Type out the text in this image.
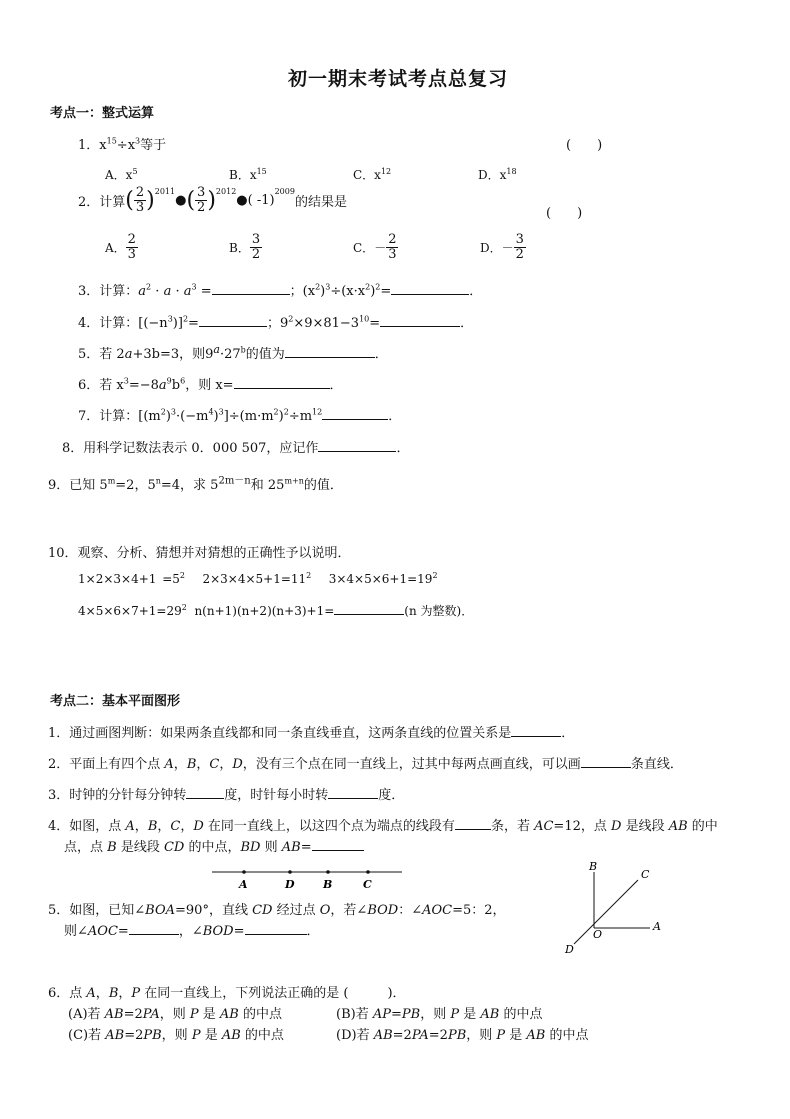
初一期末考试考点总复习
考点一：整式运算
1．$x^{15}\div x^3$等于	(　　)
A．$x^5$	B．$x^{15}$	C．$x^{12}$	D．$x^{18}$
2．计算 ( $\frac{2}{3}$ ) 2011
● ( $\frac{3}{2}$ ) 2012
● ( -1)
2009
的结果是
(　　)
A． $\frac{2}{3}$	B． $\frac{3}{2}$	C． － $\frac{2}{3}$	D． － $\frac{3}{2}$
3．计算：$a^2 \cdot a \cdot a^3$ =	；$(x^2)^3\div(x\cdot x^2)^2=$	．
4．计算：$[(-n^3)]^2=$	；$9^2\times 9\times 81-3^{10}=$	．
5．若 2a+3b=3，则$9^a\cdot 27^b$的值为	．
6．若 $x^3=-8a^9b^6$，则 x=	．
7．计算：$[(m^2)^3\cdot(-m^4)^3]\div(m\cdot m^2)^2\div m^{12}$	．
8．用科学记数法表示 0．000 507，应记作	．
9．已知 $5^m=2$，$5^n=4$，求 $5^{2m-n}$和 $25^{m+n}$的值．
10．观察、分析、猜想并对猜想的正确性予以说明．
$1\times 2\times 3\times 4+1 =5^2$ $2\times 3\times 4\times 5+1=11^2$ $3\times 4\times 5\times 6+1=19^2$
$4\times 5\times 6\times 7+1=29^2$ n(n+1)(n+2)(n+3)+1=	(n 为整数)．
考点二：基本平面图形
1．通过画图判断：如果两条直线都和同一条直线垂直，这两条直线的位置关系是	．
2．平面上有四个点 A，B，C，D，没有三个点在同一直线上，过其中每两点画直线，可以画	条直线．
3．时钟的分针每分钟转	度，时针每小时转	度．
4．如图，点 A，B，C，D 在同一直线上，以这四个点为端点的线段有	条，若 AC=12，点 D 是线段 AB 的中
点，点 B 是线段 CD 的中点，BD 则 AB=
A	D	B	C
5．如图，已知∠BOA=90°，直线 CD 经过点 O，若∠BOD：∠AOC=5：2，
则∠AOC=	，∠BOD=	．
B
C
O
A
D
6．点 A，B，P 在同一直线上，下列说法正确的是 (　　　)．
(A)若 AB=2PA，则 P 是 AB 的中点	(B)若 AP=PB，则 P 是 AB 的中点
(C)若 AB=2PB，则 P 是 AB 的中点	(D)若 AB=2PA=2PB，则 P 是 AB 的中点
